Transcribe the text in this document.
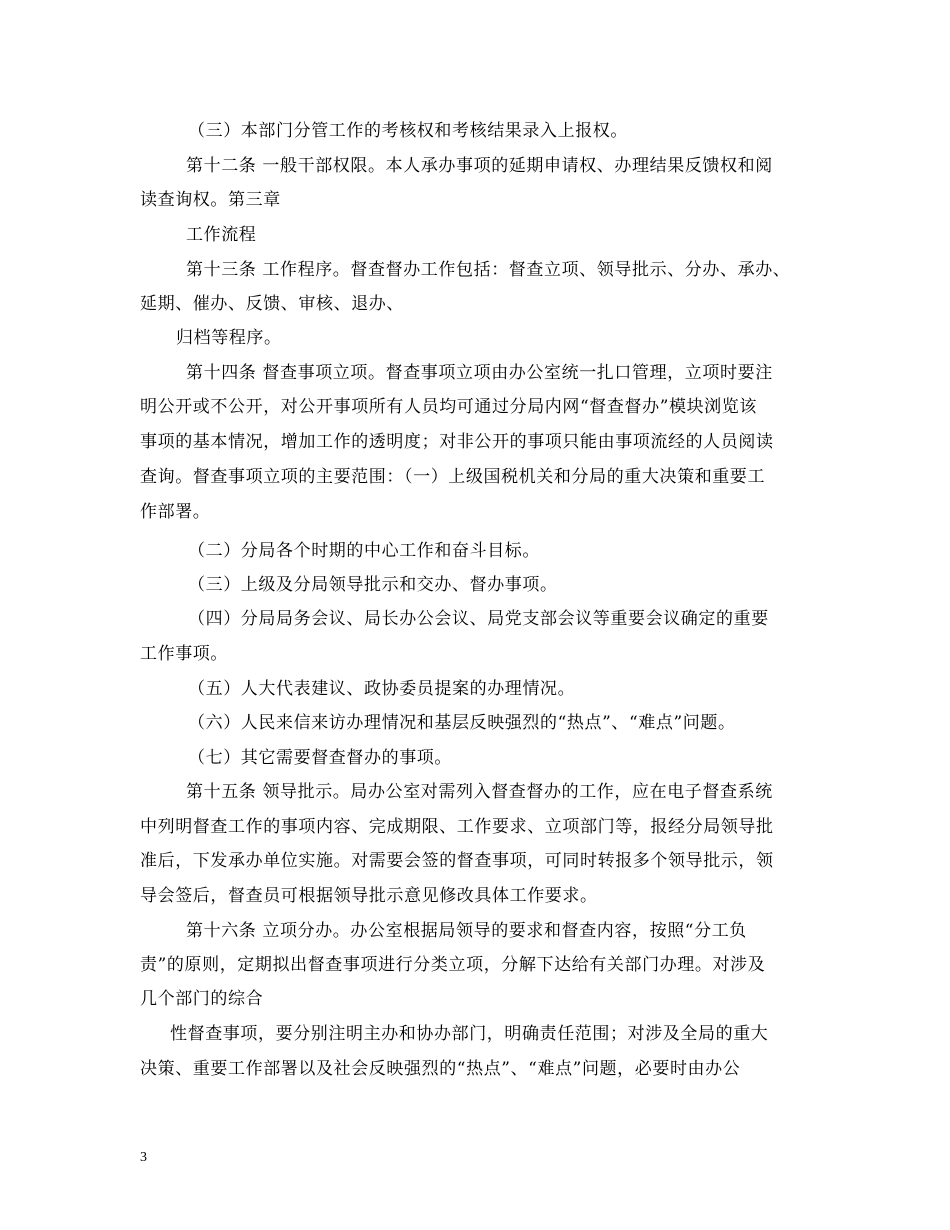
（三）本部门分管工作的考核权和考核结果录入上报权。
第十二条 一般干部权限。本人承办事项的延期申请权、办理结果反馈权和阅
读查询权。第三章
工作流程
第十三条 工作程序。督查督办工作包括：督查立项、领导批示、分办、承办、
延期、催办、反馈、审核、退办、
归档等程序。
第十四条 督查事项立项。督查事项立项由办公室统一扎口管理，立项时要注
明公开或不公开，对公开事项所有人员均可通过分局内网“督查督办”模块浏览该
事项的基本情况，增加工作的透明度；对非公开的事项只能由事项流经的人员阅读
查询。督查事项立项的主要范围：（一）上级国税机关和分局的重大决策和重要工
作部署。
（二）分局各个时期的中心工作和奋斗目标。
（三）上级及分局领导批示和交办、督办事项。
（四）分局局务会议、局长办公会议、局党支部会议等重要会议确定的重要
工作事项。
（五）人大代表建议、政协委员提案的办理情况。
（六）人民来信来访办理情况和基层反映强烈的“热点”、“难点”问题。
（七）其它需要督查督办的事项。
第十五条 领导批示。局办公室对需列入督查督办的工作，应在电子督查系统
中列明督查工作的事项内容、完成期限、工作要求、立项部门等，报经分局领导批
准后，下发承办单位实施。对需要会签的督查事项，可同时转报多个领导批示，领
导会签后，督查员可根据领导批示意见修改具体工作要求。
第十六条 立项分办。办公室根据局领导的要求和督查内容，按照“分工负
责”的原则，定期拟出督查事项进行分类立项，分解下达给有关部门办理。对涉及
几个部门的综合
性督查事项，要分别注明主办和协办部门，明确责任范围；对涉及全局的重大
决策、重要工作部署以及社会反映强烈的“热点”、“难点”问题，必要时由办公
3
